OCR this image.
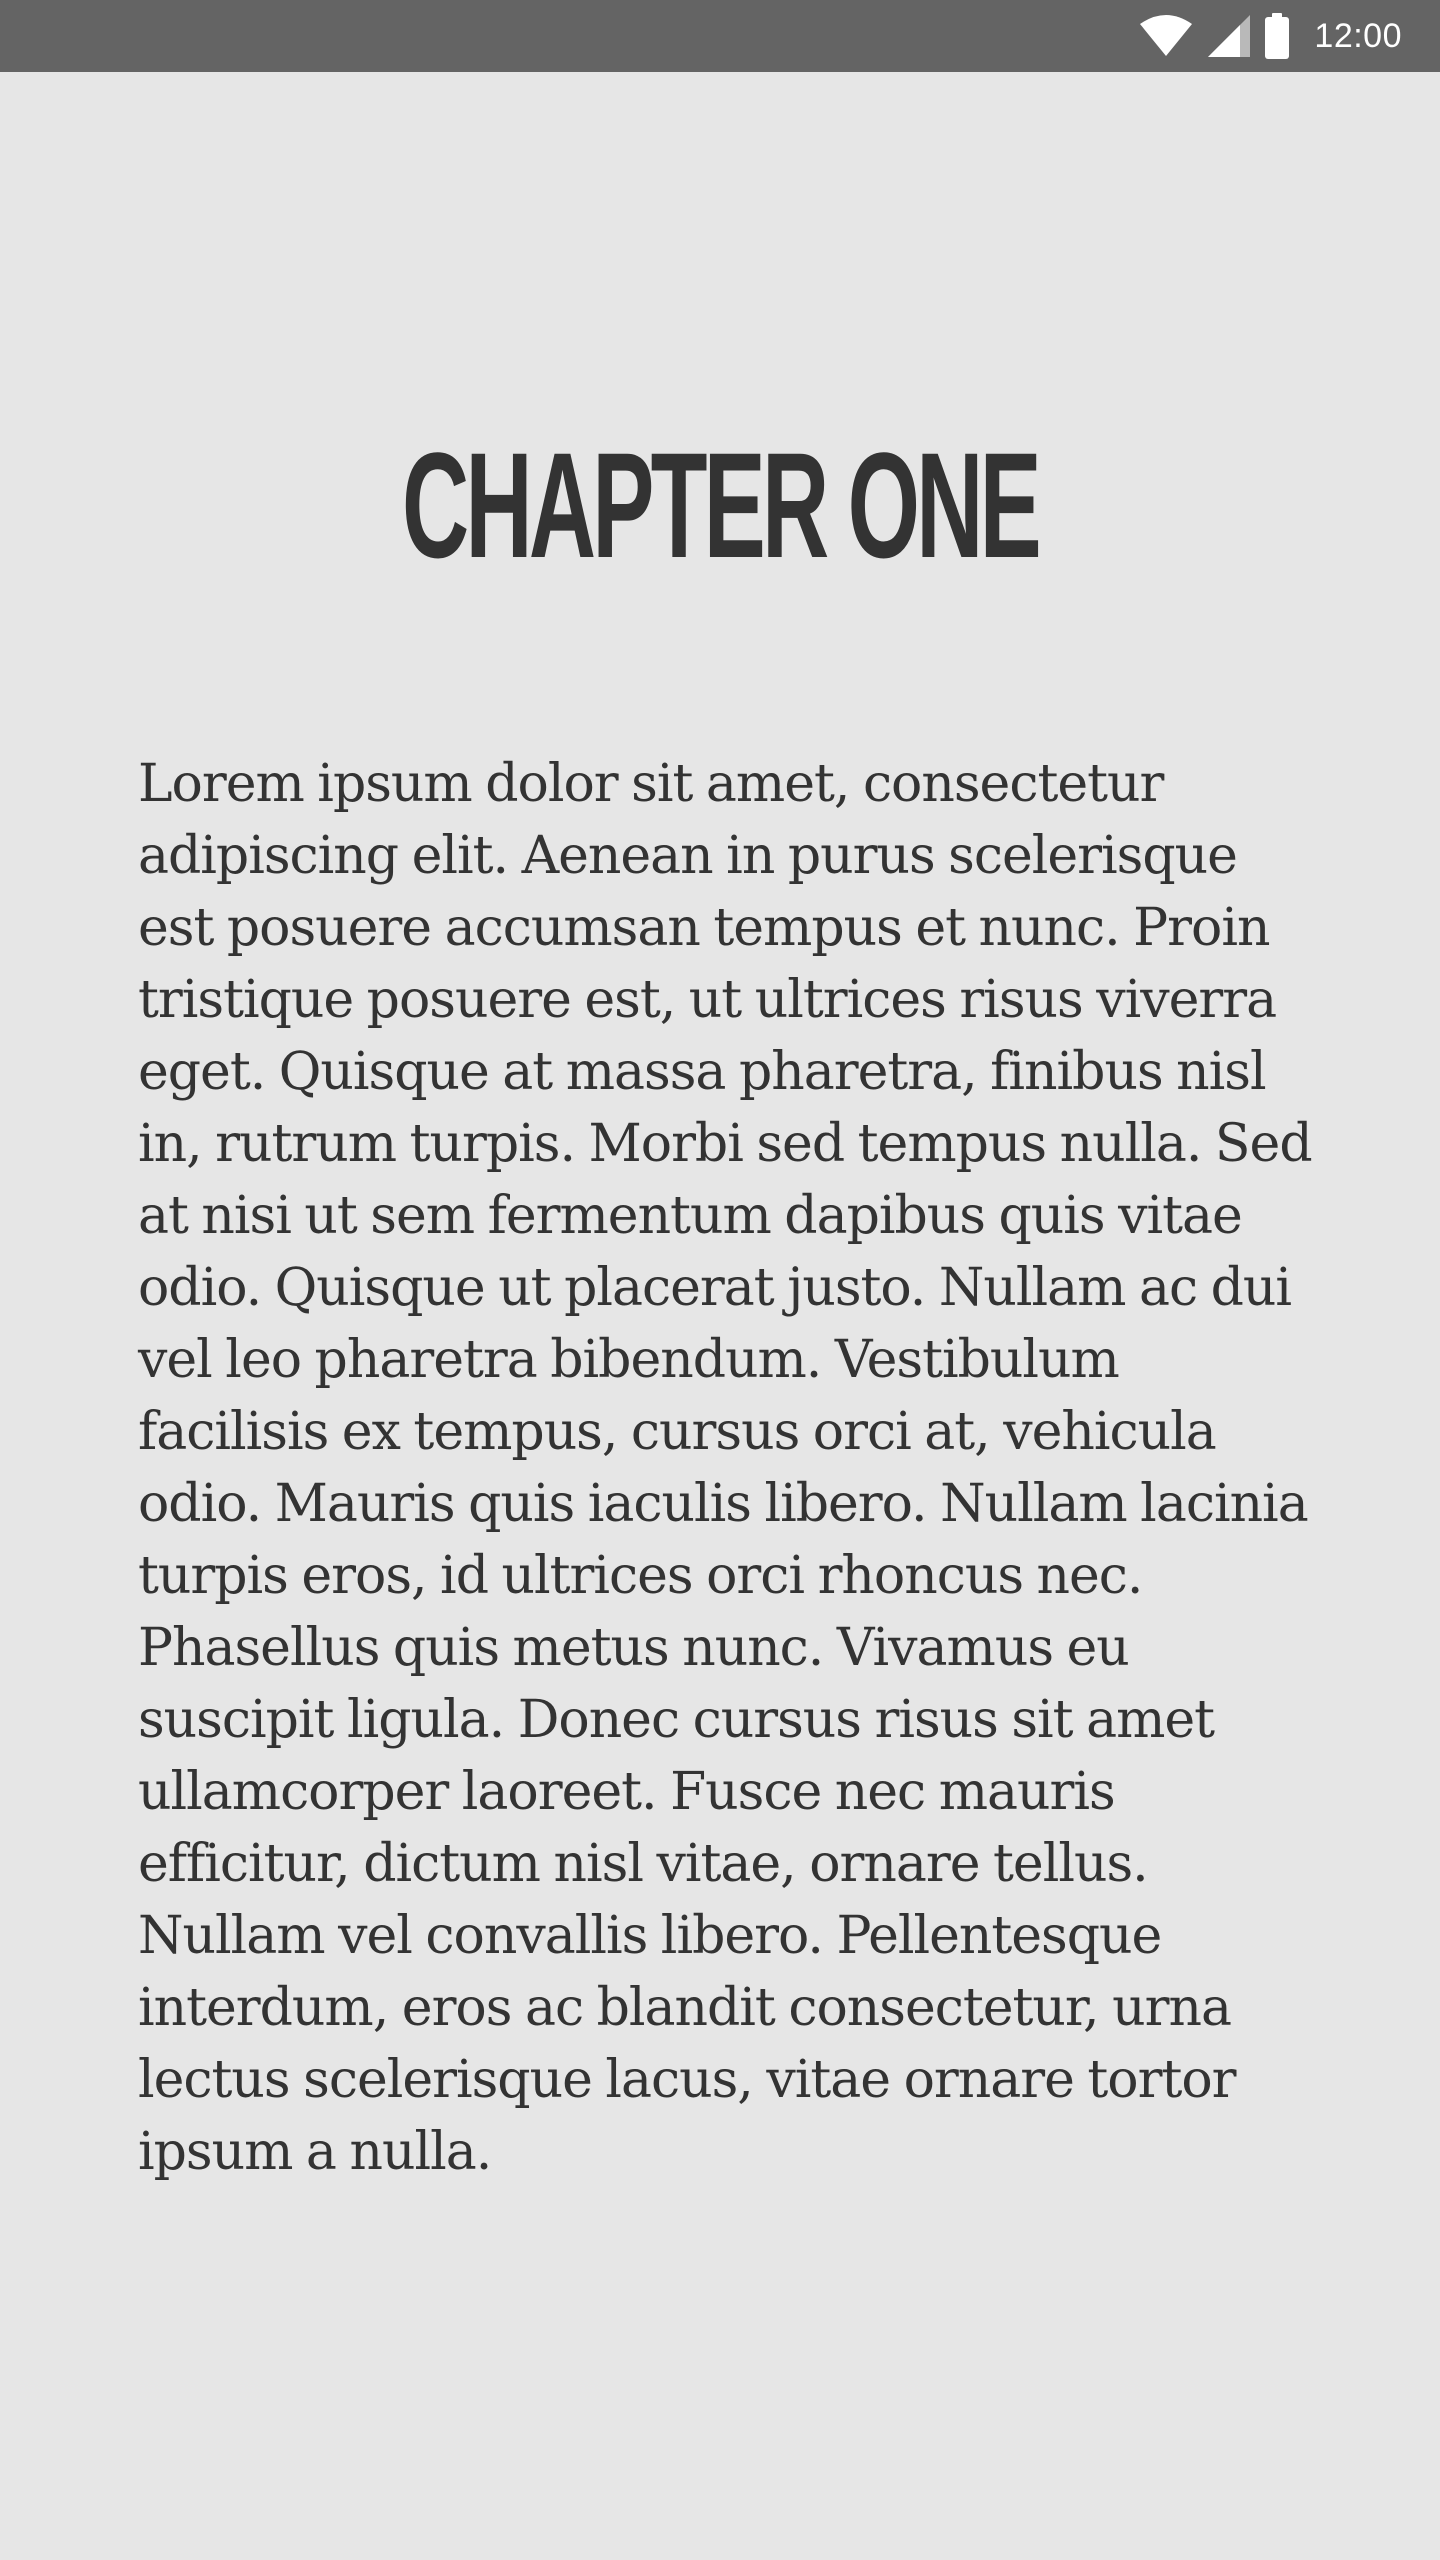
12:00
CHAPTER ONE

Lorem ipsum dolor sit amet, consectetur adipiscing elit. Aenean in purus scelerisque est posuere accumsan tempus et nunc. Proin tristique posuere est, ut ultrices risus viverra eget. Quisque at massa pharetra, finibus nisl in, rutrum turpis. Morbi sed tempus nulla. Sed at nisi ut sem fermentum dapibus quis vitae odio. Quisque ut placerat justo. Nullam ac dui vel leo pharetra bibendum. Vestibulum facilisis ex tempus, cursus orci at, vehicula odio. Mauris quis iaculis libero. Nullam lacinia turpis eros, id ultrices orci rhoncus nec. Phasellus quis metus nunc. Vivamus eu suscipit ligula. Donec cursus risus sit amet ullamcorper laoreet. Fusce nec mauris efficitur, dictum nisl vitae, ornare tellus. Nullam vel convallis libero. Pellentesque interdum, eros ac blandit consectetur, urna lectus scelerisque lacus, vitae ornare tortor ipsum a nulla.
